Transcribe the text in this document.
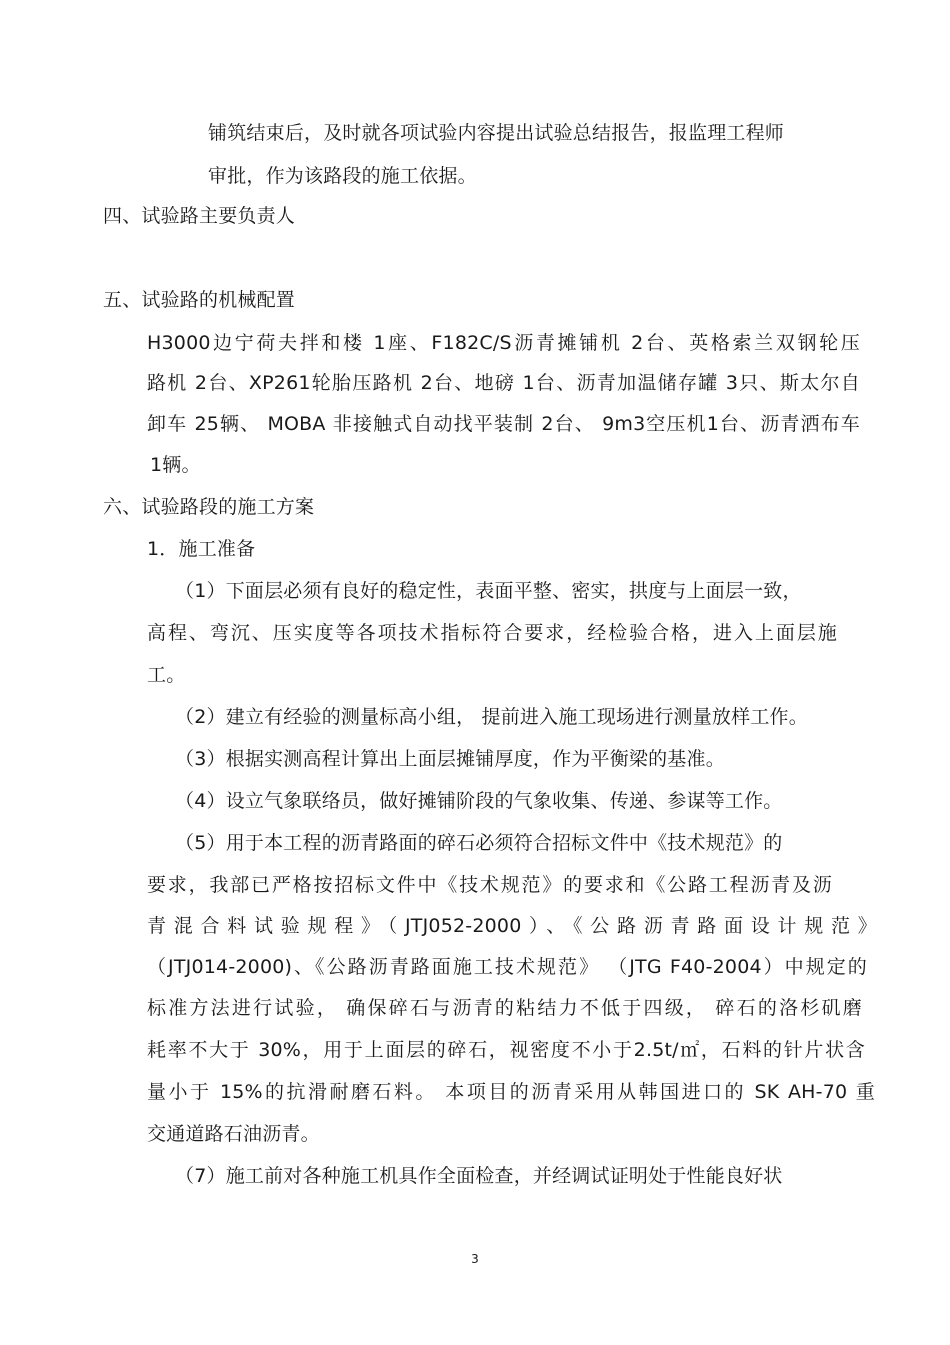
铺筑结束后，及时就各项试验内容提出试验总结报告，报监理工程师
审批，作为该路段的施工依据。
四、试验路主要负责人
五、试验路的机械配置
H3000边宁荷夫拌和楼 1座、F182C/S沥青摊铺机 2台、英格索兰双钢轮压
路机 2台、XP261轮胎压路机 2台、地磅 1台、沥青加温储存罐 3只、斯太尔自
卸车 25辆、 MOBA 非接触式自动找平装制 2台、 9m3空压机1台、沥青洒布车
1辆。
六、试验路段的施工方案
1．施工准备
（1）下面层必须有良好的稳定性，表面平整、密实，拱度与上面层一致，
高程、弯沉、压实度等各项技术指标符合要求，经检验合格，进入上面层施
工。
（2）建立有经验的测量标高小组， 提前进入施工现场进行测量放样工作。
（3）根据实测高程计算出上面层摊铺厚度，作为平衡梁的基准。
（4）设立气象联络员，做好摊铺阶段的气象收集、传递、参谋等工作。
（5）用于本工程的沥青路面的碎石必须符合招标文件中《技术规范》的
要求，我部已严格按招标文件中《技术规范》的要求和《公路工程沥青及沥
青混合料试验规程》（JTJ052-2000）、《公路沥青路面设计规范》
（JTJ014-2000)、《公路沥青路面施工技术规范》 （JTG F40-2004）中规定的
标准方法进行试验， 确保碎石与沥青的粘结力不低于四级， 碎石的洛杉矶磨
耗率不大于 30%，用于上面层的碎石，视密度不小于2.5t/㎡，石料的针片状含
量小于 15%的抗滑耐磨石料。 本项目的沥青采用从韩国进口的 SK AH-70 重
交通道路石油沥青。
（7）施工前对各种施工机具作全面检查，并经调试证明处于性能良好状
3
